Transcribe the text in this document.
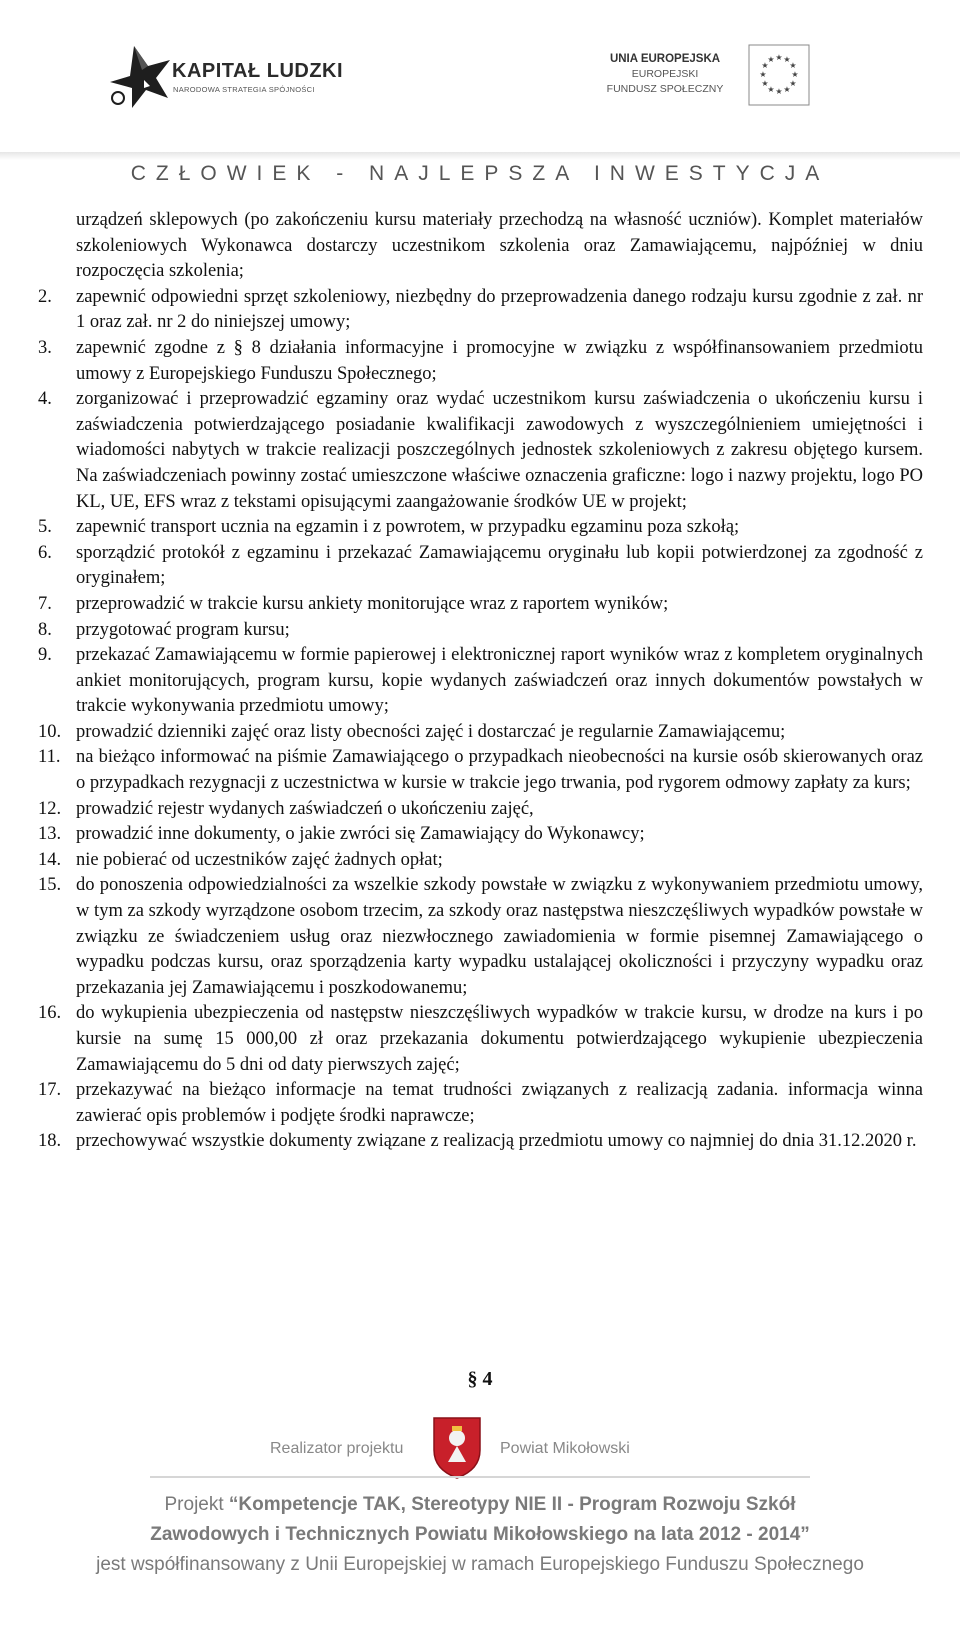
KAPITAŁ LUDZKI
NARODOWA STRATEGIA SPÓJNOŚCI
UNIA EUROPEJSKA
EUROPEJSKI
FUNDUSZ SPOŁECZNY
★ ★
★
★
★
★
★
★
★
★
★
★
CZŁOWIEK - NAJLEPSZA INWESTYCJA

urządzeń sklepowych (po zakończeniu kursu materiały przechodzą na własność uczniów). Komplet materiałów szkoleniowych Wykonawca dostarczy uczestnikom szkolenia oraz Zamawiającemu, najpóźniej w dniu rozpoczęcia szkolenia;

2.	zapewnić odpowiedni sprzęt szkoleniowy, niezbędny do przeprowadzenia danego rodzaju kursu zgodnie z zał. nr 1 oraz zał. nr 2 do niniejszej umowy;
3.	zapewnić zgodne z § 8 działania informacyjne i promocyjne w związku z współfinansowaniem przedmiotu umowy z Europejskiego Funduszu Społecznego;
4.	zorganizować i przeprowadzić egzaminy oraz wydać uczestnikom kursu zaświadczenia o ukończeniu kursu i zaświadczenia potwierdzającego posiadanie kwalifikacji zawodowych z wyszczególnieniem umiejętności i wiadomości nabytych w trakcie realizacji poszczególnych jednostek szkoleniowych z zakresu objętego kursem. Na zaświadczeniach powinny zostać umieszczone właściwe oznaczenia graficzne: logo i nazwy projektu, logo PO KL, UE, EFS wraz z tekstami opisującymi zaangażowanie środków UE w projekt;
5.	zapewnić transport ucznia na egzamin i z powrotem, w przypadku egzaminu poza szkołą;
6.	sporządzić protokół z egzaminu i przekazać Zamawiającemu oryginału lub kopii potwierdzonej za zgodność z oryginałem;
7.	przeprowadzić w trakcie kursu ankiety monitorujące wraz z raportem wyników;
8.	przygotować program kursu;
9.	przekazać Zamawiającemu w formie papierowej i elektronicznej raport wyników wraz z kompletem oryginalnych ankiet monitorujących, program kursu, kopie wydanych zaświadczeń oraz innych dokumentów powstałych w trakcie wykonywania przedmiotu umowy;
10. prowadzić dzienniki zajęć oraz listy obecności zajęć i dostarczać je regularnie Zamawiającemu;
11. na bieżąco informować na piśmie Zamawiającego o przypadkach nieobecności na kursie osób skierowanych oraz o przypadkach rezygnacji z uczestnictwa w kursie w trakcie jego trwania, pod rygorem odmowy zapłaty za kurs;
12. prowadzić rejestr wydanych zaświadczeń o ukończeniu zajęć,
13. prowadzić inne dokumenty, o jakie zwróci się Zamawiający do Wykonawcy;
14. nie pobierać od uczestników zajęć żadnych opłat;
15. do ponoszenia odpowiedzialności za wszelkie szkody powstałe w związku z wykonywaniem przedmiotu umowy, w tym za szkody wyrządzone osobom trzecim, za szkody oraz następstwa nieszczęśliwych wypadków powstałe w związku ze świadczeniem usług oraz niezwłocznego zawiadomienia w formie pisemnej Zamawiającego o wypadku podczas kursu, oraz sporządzenia karty wypadku ustalającej okoliczności i przyczyny wypadku oraz przekazania jej Zamawiającemu i poszkodowanemu;
16. do wykupienia ubezpieczenia od następstw nieszczęśliwych wypadków w trakcie kursu, w drodze na kurs i po kursie na sumę 15 000,00 zł oraz przekazania dokumentu potwierdzającego wykupienie ubezpieczenia Zamawiającemu do 5 dni od daty pierwszych zajęć;
17. przekazywać na bieżąco informacje na temat trudności związanych z realizacją zadania. informacja winna zawierać opis problemów i podjęte środki naprawcze;
18. przechowywać wszystkie dokumenty związane z realizacją przedmiotu umowy co najmniej do dnia 31.12.2020 r.
§ 4
Realizator projektu	Powiat Mikołowski
Projekt “Kompetencje TAK, Stereotypy NIE II - Program Rozwoju Szkół
Zawodowych i Technicznych Powiatu Mikołowskiego na lata 2012 - 2014”
jest współfinansowany z Unii Europejskiej w ramach Europejskiego Funduszu Społecznego
